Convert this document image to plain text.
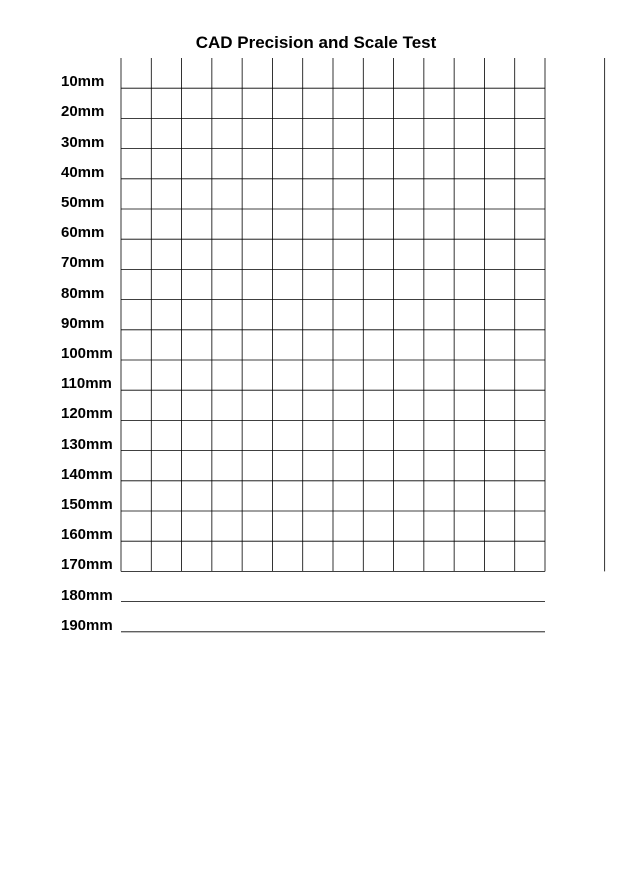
CAD Precision and Scale Test
10mm
20mm
30mm
40mm
50mm
60mm
70mm
80mm
90mm
100mm
110mm
120mm
130mm
140mm
150mm
160mm
170mm
180mm
190mm
